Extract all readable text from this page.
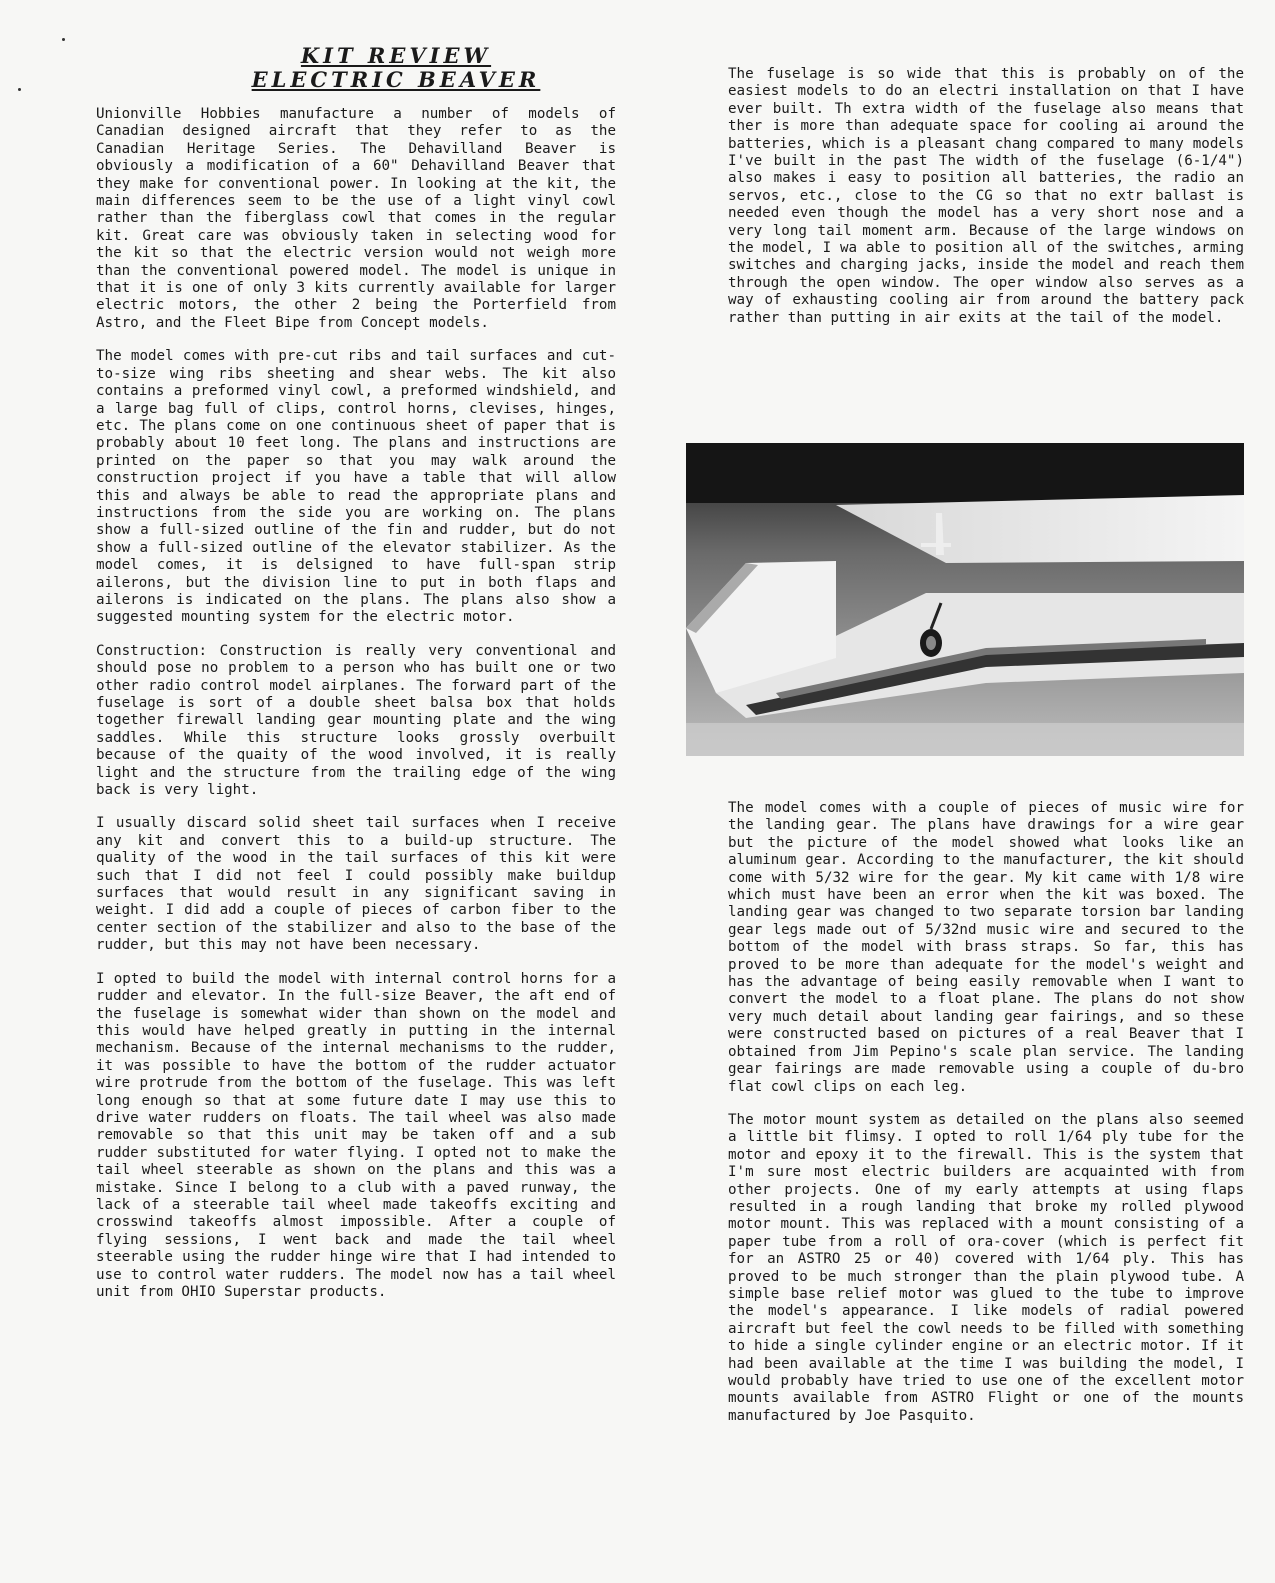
KIT REVIEW
ELECTRIC BEAVER

Unionville Hobbies manufacture a number of models of Canadian designed aircraft that they refer to as the Canadian Heritage Series. The Dehavilland Beaver is obviously a modification of a 60" Dehavilland Beaver that they make for conventional power. In looking at the kit, the main differences seem to be the use of a light vinyl cowl rather than the fiberglass cowl that comes in the regular kit. Great care was obviously taken in selecting wood for the kit so that the electric version would not weigh more than the conventional powered model. The model is unique in that it is one of only 3 kits currently available for larger electric motors, the other 2 being the Porterfield from Astro, and the Fleet Bipe from Concept models.

The model comes with pre-cut ribs and tail surfaces and cut-to-size wing ribs sheeting and shear webs. The kit also contains a preformed vinyl cowl, a preformed windshield, and a large bag full of clips, control horns, clevises, hinges, etc. The plans come on one continuous sheet of paper that is probably about 10 feet long. The plans and instructions are printed on the paper so that you may walk around the construction project if you have a table that will allow this and always be able to read the appropriate plans and instructions from the side you are working on. The plans show a full-sized outline of the fin and rudder, but do not show a full-sized outline of the elevator stabilizer. As the model comes, it is delsigned to have full-span strip ailerons, but the division line to put in both flaps and ailerons is indicated on the plans. The plans also show a suggested mounting system for the electric motor.

Construction: Construction is really very conventional and should pose no problem to a person who has built one or two other radio control model airplanes. The forward part of the fuselage is sort of a double sheet balsa box that holds together firewall landing gear mounting plate and the wing saddles. While this structure looks grossly overbuilt because of the quaity of the wood involved, it is really light and the structure from the trailing edge of the wing back is very light.

I usually discard solid sheet tail surfaces when I receive any kit and convert this to a build-up structure. The quality of the wood in the tail surfaces of this kit were such that I did not feel I could possibly make buildup surfaces that would result in any significant saving in weight. I did add a couple of pieces of carbon fiber to the center section of the stabilizer and also to the base of the rudder, but this may not have been necessary.

I opted to build the model with internal control horns for a rudder and elevator. In the full-size Beaver, the aft end of the fuselage is somewhat wider than shown on the model and this would have helped greatly in putting in the internal mechanism. Because of the internal mechanisms to the rudder, it was possible to have the bottom of the rudder actuator wire protrude from the bottom of the fuselage. This was left long enough so that at some future date I may use this to drive water rudders on floats. The tail wheel was also made removable so that this unit may be taken off and a sub rudder substituted for water flying. I opted not to make the tail wheel steerable as shown on the plans and this was a mistake. Since I belong to a club with a paved runway, the lack of a steerable tail wheel made takeoffs exciting and crosswind takeoffs almost impossible. After a couple of flying sessions, I went back and made the tail wheel steerable using the rudder hinge wire that I had intended to use to control water rudders. The model now has a tail wheel unit from OHIO Superstar products.

The fuselage is so wide that this is probably on of the easiest models to do an electri installation on that I have ever built. Th extra width of the fuselage also means that ther is more than adequate space for cooling ai around the batteries, which is a pleasant chang compared to many models I've built in the past The width of the fuselage (6-1/4") also makes i easy to position all batteries, the radio an servos, etc., close to the CG so that no extr ballast is needed even though the model has a very short nose and a very long tail moment arm. Because of the large windows on the model, I wa able to position all of the switches, arming switches and charging jacks, inside the model and reach them through the open window. The oper window also serves as a way of exhausting cooling air from around the battery pack rather than putting in air exits at the tail of the model.

The model comes with a couple of pieces of music wire for the landing gear. The plans have drawings for a wire gear but the picture of the model showed what looks like an aluminum gear. According to the manufacturer, the kit should come with 5/32 wire for the gear. My kit came with 1/8 wire which must have been an error when the kit was boxed. The landing gear was changed to two separate torsion bar landing gear legs made out of 5/32nd music wire and secured to the bottom of the model with brass straps. So far, this has proved to be more than adequate for the model's weight and has the advantage of being easily removable when I want to convert the model to a float plane. The plans do not show very much detail about landing gear fairings, and so these were constructed based on pictures of a real Beaver that I obtained from Jim Pepino's scale plan service. The landing gear fairings are made removable using a couple of du-bro flat cowl clips on each leg.

The motor mount system as detailed on the plans also seemed a little bit flimsy. I opted to roll 1/64 ply tube for the motor and epoxy it to the firewall. This is the system that I'm sure most electric builders are acquainted with from other projects. One of my early attempts at using flaps resulted in a rough landing that broke my rolled plywood motor mount. This was replaced with a mount consisting of a paper tube from a roll of ora-cover (which is perfect fit for an ASTRO 25 or 40) covered with 1/64 ply. This has proved to be much stronger than the plain plywood tube. A simple base relief motor was glued to the tube to improve the model's appearance. I like models of radial powered aircraft but feel the cowl needs to be filled with something to hide a single cylinder engine or an electric motor. If it had been available at the time I was building the model, I would probably have tried to use one of the excellent motor mounts available from ASTRO Flight or one of the mounts manufactured by Joe Pasquito.
